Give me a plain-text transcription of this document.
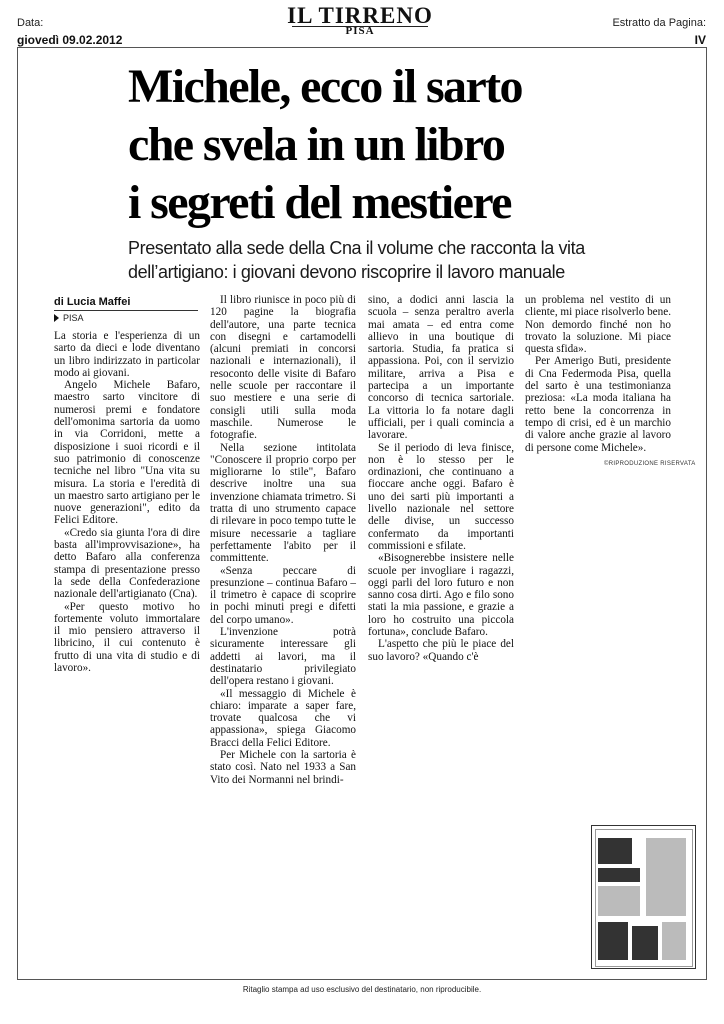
Data:
giovedì 09.02.2012
IL TIRRENO
PISA
Estratto da Pagina:
IV
Michele, ecco il sarto
che svela in un libro
i segreti del mestiere
Presentato alla sede della Cna il volume che racconta la vita
dell’artigiano: i giovani devono riscoprire il lavoro manuale
di Lucia Maffei
PISA

La storia e l'esperienza di un sarto da dieci e lode diventano un libro indirizzato in particolar modo ai giovani.

Angelo Michele Bafaro, maestro sarto vincitore di numerosi premi e fondatore dell'omonima sartoria da uomo in via Corridoni, mette a disposizione i suoi ricordi e il suo patrimonio di conoscenze tecniche nel libro "Una vita su misura. La storia e l'eredità di un maestro sarto artigiano per le nuove generazioni", edito da Felici Editore.

«Credo sia giunta l'ora di dire basta all'improvvisazione», ha detto Bafaro alla conferenza stampa di presentazione presso la sede della Confederazione nazionale dell'artigianato (Cna).

«Per questo motivo ho fortemente voluto immortalare il mio pensiero attraverso il libricino, il cui contenuto è frutto di una vita di studio e di lavoro».

Il libro riunisce in poco più di 120 pagine la biografia dell'autore, una parte tecnica con disegni e cartamodelli (alcuni premiati in concorsi nazionali e internazionali), il resoconto delle visite di Bafaro nelle scuole per raccontare il suo mestiere e una serie di consigli utili sulla moda maschile. Numerose le fotografie.

Nella sezione intitolata "Conoscere il proprio corpo per migliorarne lo stile", Bafaro descrive inoltre una sua invenzione chiamata trimetro. Si tratta di uno strumento capace di rilevare in poco tempo tutte le misure necessarie a tagliare perfettamente l'abito per il committente.

«Senza peccare di presunzione – continua Bafaro – il trimetro è capace di scoprire in pochi minuti pregi e difetti del corpo umano».

L'invenzione potrà sicuramente interessare gli addetti ai lavori, ma il destinatario privilegiato dell'opera restano i giovani.

«Il messaggio di Michele è chiaro: imparate a saper fare, trovate qualcosa che vi appassiona», spiega Giacomo Bracci della Felici Editore.

Per Michele con la sartoria è stato così. Nato nel 1933 a San Vito dei Normanni nel brindi-

sino, a dodici anni lascia la scuola – senza peraltro averla mai amata – ed entra come allievo in una boutique di sartoria. Studia, fa pratica si appassiona. Poi, con il servizio militare, arriva a Pisa e partecipa a un importante concorso di tecnica sartoriale. La vittoria lo fa notare dagli ufficiali, per i quali comincia a lavorare.

Se il periodo di leva finisce, non è lo stesso per le ordinazioni, che continuano a fioccare anche oggi. Bafaro è uno dei sarti più importanti a livello nazionale nel settore delle divise, un successo confermato da importanti commissioni e sfilate.

«Bisognerebbe insistere nelle scuole per invogliare i ragazzi, oggi parli del loro futuro e non sanno cosa dirti. Ago e filo sono stati la mia passione, e grazie a loro ho costruito una piccola fortuna», conclude Bafaro.

L'aspetto che più le piace del suo lavoro? «Quando c'è

un problema nel vestito di un cliente, mi piace risolverlo bene. Non demordo finché non ho trovato la soluzione. Mi piace questa sfida».

Per Amerigo Buti, presidente di Cna Federmoda Pisa, quella del sarto è una testimonianza preziosa: «La moda italiana ha retto bene la concorrenza in tempo di crisi, ed è un marchio di valore anche grazie al lavoro di persone come Michele».

©RIPRODUZIONE RISERVATA
Ritaglio stampa ad uso esclusivo del destinatario, non riproducibile.
